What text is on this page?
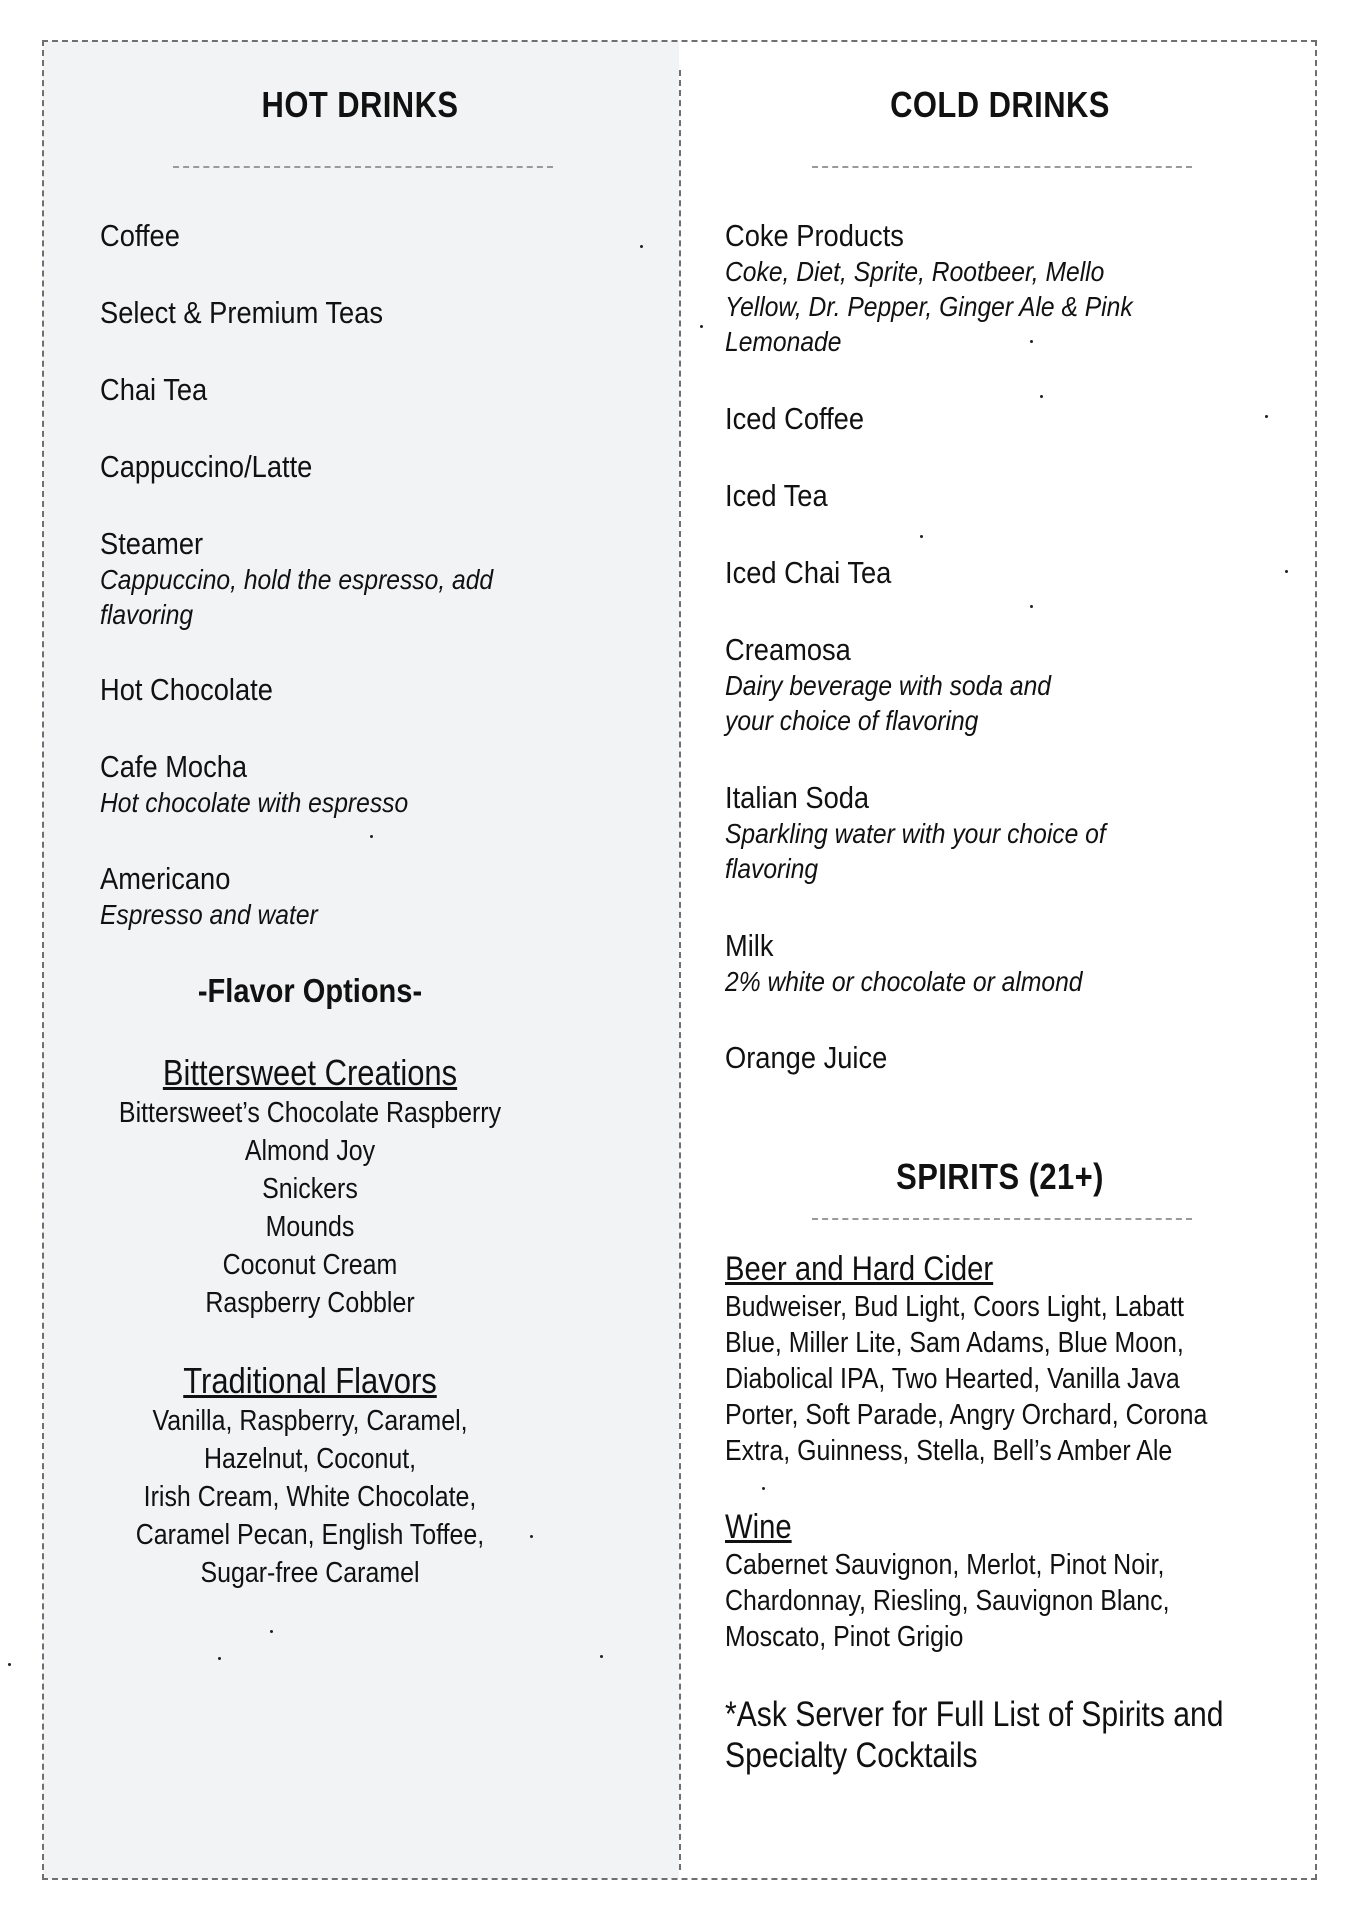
HOT DRINKS
Coffee
Select & Premium Teas
Chai Tea
Cappuccino/Latte
Steamer
Cappuccino, hold the espresso, add flavoring
Hot Chocolate
Cafe Mocha
Hot chocolate with espresso
Americano
Espresso and water
-Flavor Options-
Bittersweet Creations
Bittersweet’s Chocolate Raspberry
Almond Joy
Snickers
Mounds
Coconut Cream
Raspberry Cobbler
Traditional Flavors
Vanilla, Raspberry, Caramel,
Hazelnut, Coconut,
Irish Cream, White Chocolate,
Caramel Pecan, English Toffee,
Sugar-free Caramel
COLD DRINKS
Coke Products
Coke, Diet, Sprite, Rootbeer, Mello Yellow, Dr. Pepper, Ginger Ale & Pink Lemonade
Iced Coffee
Iced Tea
Iced Chai Tea
Creamosa
Dairy beverage with soda and your choice of flavoring
Italian Soda
Sparkling water with your choice of flavoring
Milk
2% white or chocolate or almond
Orange Juice
SPIRITS (21+)
Beer and Hard Cider
Budweiser, Bud Light, Coors Light, Labatt Blue, Miller Lite, Sam Adams, Blue Moon, Diabolical IPA, Two Hearted, Vanilla Java Porter, Soft Parade, Angry Orchard, Corona Extra, Guinness, Stella, Bell’s Amber Ale
Wine
Cabernet Sauvignon, Merlot, Pinot Noir, Chardonnay, Riesling, Sauvignon Blanc, Moscato, Pinot Grigio
*Ask Server for Full List of Spirits and Specialty Cocktails
